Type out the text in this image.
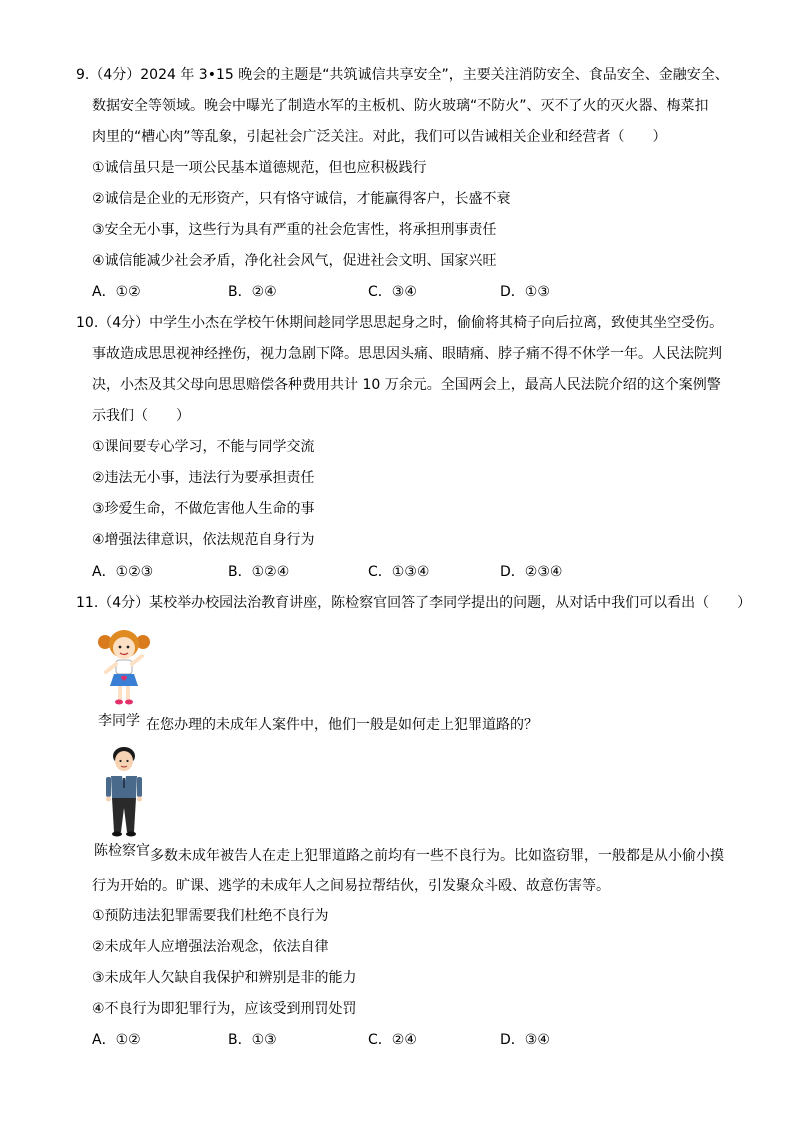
9.（4分）2024 年 3•15 晚会的主题是“共筑诚信共享安全”，主要关注消防安全、食品安全、金融安全、
数据安全等领域。晚会中曝光了制造水军的主板机、防火玻璃“不防火”、灭不了火的灭火器、梅菜扣
肉里的“槽心肉”等乱象，引起社会广泛关注。对此，我们可以告诫相关企业和经营者（　　）
①诚信虽只是一项公民基本道德规范，但也应积极践行
②诚信是企业的无形资产，只有恪守诚信，才能赢得客户，长盛不衰
③安全无小事，这些行为具有严重的社会危害性，将承担刑事责任
④诚信能减少社会矛盾，净化社会风气，促进社会文明、国家兴旺
A．①②	B．②④	C．③④	D．①③
10.（4分）中学生小杰在学校午休期间趁同学思思起身之时，偷偷将其椅子向后拉离，致使其坐空受伤。
事故造成思思视神经挫伤，视力急剧下降。思思因头痛、眼睛痛、脖子痛不得不休学一年。人民法院判
决，小杰及其父母向思思赔偿各种费用共计 10 万余元。全国两会上，最高人民法院介绍的这个案例警
示我们（　　）
①课间要专心学习，不能与同学交流
②违法无小事，违法行为要承担责任
③珍爱生命，不做危害他人生命的事
④增强法律意识，依法规范自身行为
A．①②③	B．①②④	C．①③④	D．②③④
11.（4分）某校举办校园法治教育讲座，陈检察官回答了李同学提出的问题，从对话中我们可以看出（　　）
李同学 在您办理的未成年人案件中，他们一般是如何走上犯罪道路的？
陈检察官 多数未成年被告人在走上犯罪道路之前均有一些不良行为。比如盗窃罪，一般都是从小偷小摸
行为开始的。旷课、逃学的未成年人之间易拉帮结伙，引发聚众斗殴、故意伤害等。
①预防违法犯罪需要我们杜绝不良行为
②未成年人应增强法治观念，依法自律
③未成年人欠缺自我保护和辨别是非的能力
④不良行为即犯罪行为，应该受到刑罚处罚
A．①②	B．①③	C．②④	D．③④
